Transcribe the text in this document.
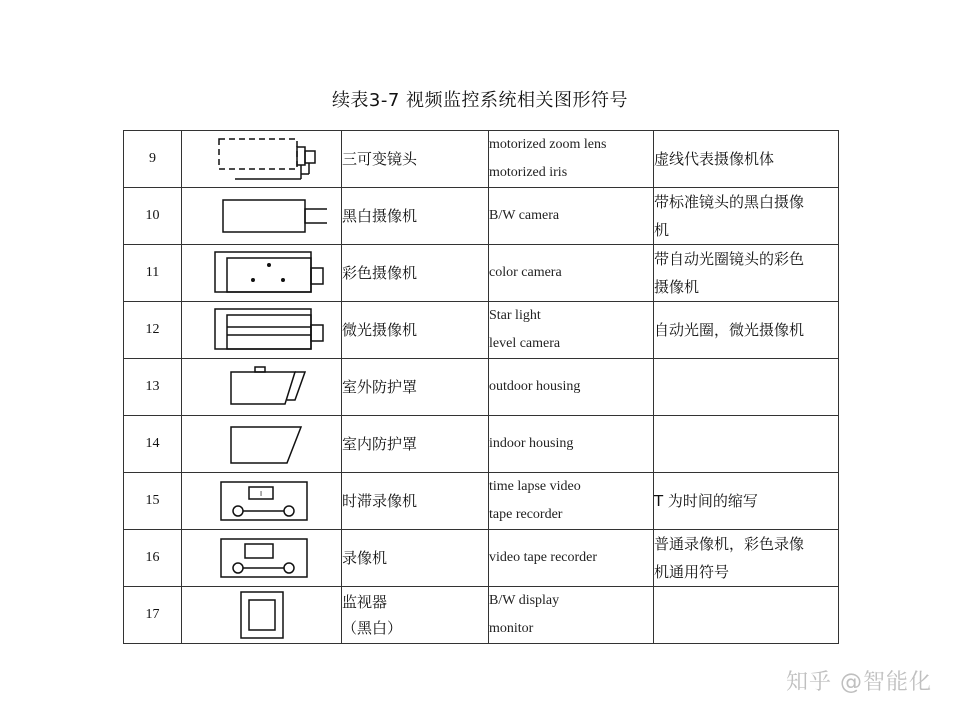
续表3-7 视频监控系统相关图形符号
9		三可变镜头	motorized zoom lens
motorized iris	虚线代表摄像机体

10		黑白摄像机	B/W camera	带标准镜头的黑白摄像
机

11		彩色摄像机	color camera	带自动光圈镜头的彩色
摄像机

12		微光摄像机	Star light
level camera	自动光圈，微光摄像机

13		室外防护罩	outdoor housing	

14		室内防护罩	indoor housing	

15	I	时滞录像机	time lapse video
tape recorder	T 为时间的缩写

16		录像机	video tape recorder	普通录像机，彩色录像
机通用符号

17		监视器
（黑白）	B/W display
monitor	

知乎 @智能化
